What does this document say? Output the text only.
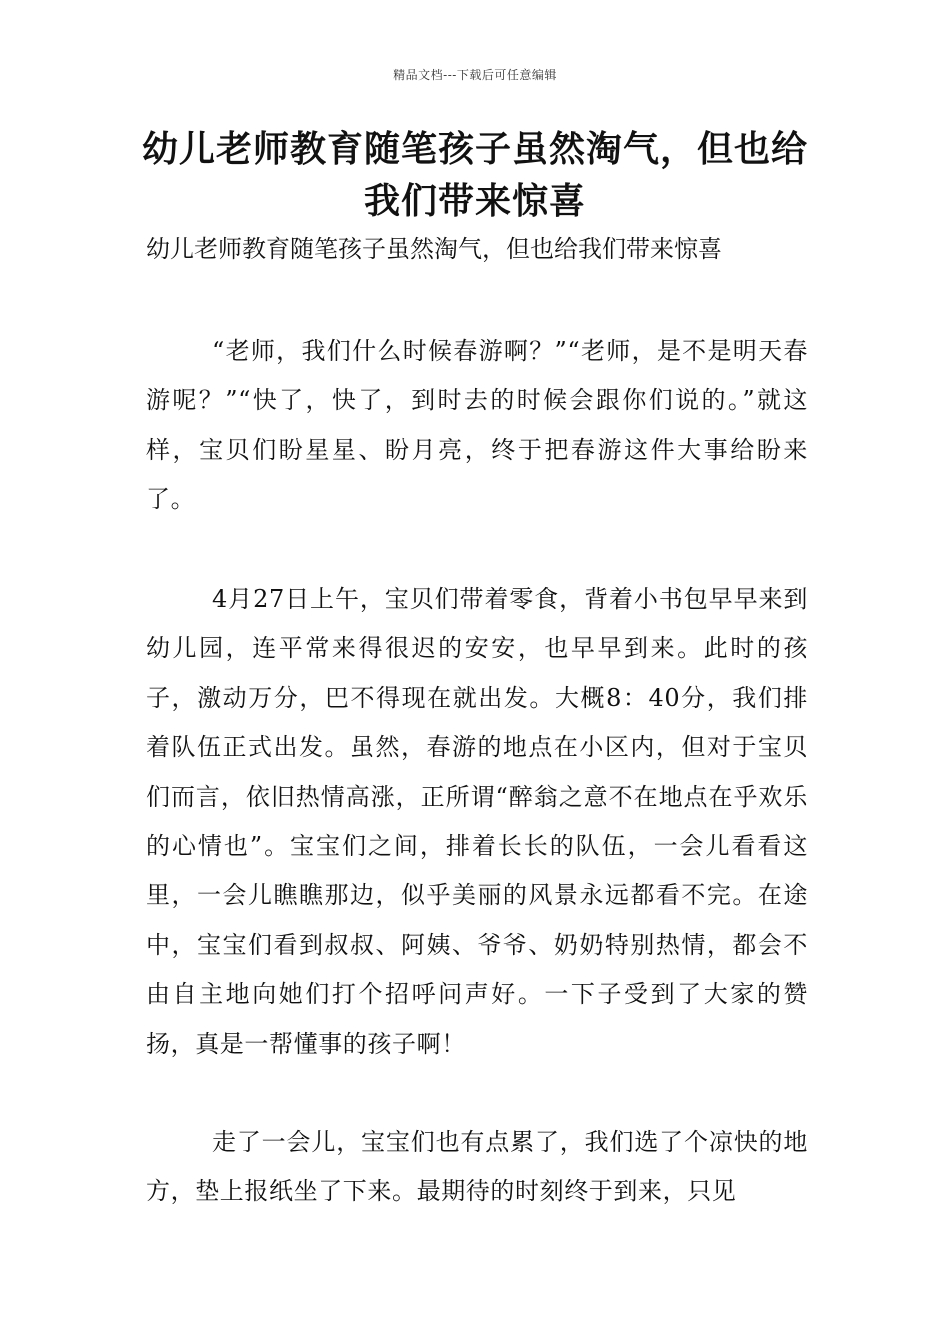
精品文档---下载后可任意编辑
幼儿老师教育随笔孩子虽然淘气，但也给我们带来惊喜

幼儿老师教育随笔孩子虽然淘气，但也给我们带来惊喜

“老师，我们什么时候春游啊？”“老师，是不是明天春游呢？”“快了，快了，到时去的时候会跟你们说的。”就这样，宝贝们盼星星、盼月亮，终于把春游这件大事给盼来了。

4月27日上午，宝贝们带着零食，背着小书包早早来到幼儿园，连平常来得很迟的安安，也早早到来。此时的孩子，激动万分，巴不得现在就出发。大概8：40分，我们排着队伍正式出发。虽然，春游的地点在小区内，但对于宝贝们而言，依旧热情高涨，正所谓“醉翁之意不在地点在乎欢乐的心情也”。宝宝们之间，排着长长的队伍，一会儿看看这里，一会儿瞧瞧那边，似乎美丽的风景永远都看不完。在途中，宝宝们看到叔叔、阿姨、爷爷、奶奶特别热情，都会不由自主地向她们打个招呼问声好。一下子受到了大家的赞扬，真是一帮懂事的孩子啊！

走了一会儿，宝宝们也有点累了，我们选了个凉快的地方，垫上报纸坐了下来。最期待的时刻终于到来，只见
